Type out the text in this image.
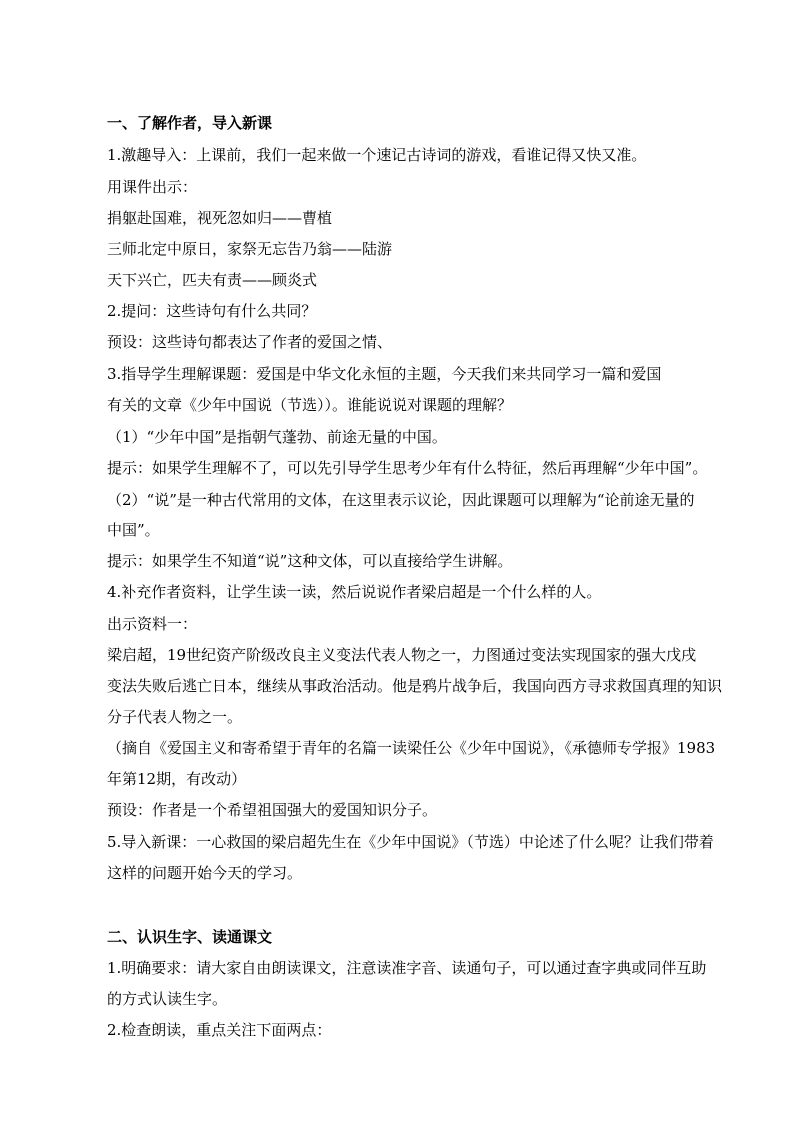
一、了解作者，导入新课

1.激趣导入：上课前，我们一起来做一个速记古诗词的游戏，看谁记得又快又准。

用课件出示：

捐躯赴国难，视死忽如归——曹植

三师北定中原日，家祭无忘告乃翁——陆游

天下兴亡，匹夫有责——顾炎式

2.提问：这些诗句有什么共同？

预设：这些诗句都表达了作者的爱国之情、

3.指导学生理解课题：爱国是中华文化永恒的主题，今天我们来共同学习一篇和爱国

有关的文章《少年中国说（节选））。谁能说说对课题的理解？

（1）“少年中国”是指朝气蓬勃、前途无量的中国。

提示：如果学生理解不了，可以先引导学生思考少年有什么特征，然后再理解“少年中国”。

（2）“说”是一种古代常用的文体，在这里表示议论，因此课题可以理解为“论前途无量的

中国”。

提示：如果学生不知道“说”这种文体，可以直接给学生讲解。

4.补充作者资料，让学生读一读，然后说说作者梁启超是一个什么样的人。

出示资料一：

梁启超，19世纪资产阶级改良主义变法代表人物之一，力图通过变法实现国家的强大戊戌

变法失败后逃亡日本，继续从事政治活动。他是鸦片战争后，我国向西方寻求救国真理的知识

分子代表人物之一。

（摘自《爱国主义和寄希望于青年的名篇一读梁任公《少年中国说》，《承德师专学报》1983

年第12期，有改动）

预设：作者是一个希望祖国强大的爱国知识分子。

5.导入新课：一心救国的梁启超先生在《少年中国说》（节选）中论述了什么呢？让我们带着

这样的问题开始今天的学习。

二、认识生字、读通课文

1.明确要求：请大家自由朗读课文，注意读准字音、读通句子，可以通过查字典或同伴互助

的方式认读生字。

2.检查朗读，重点关注下面两点：
